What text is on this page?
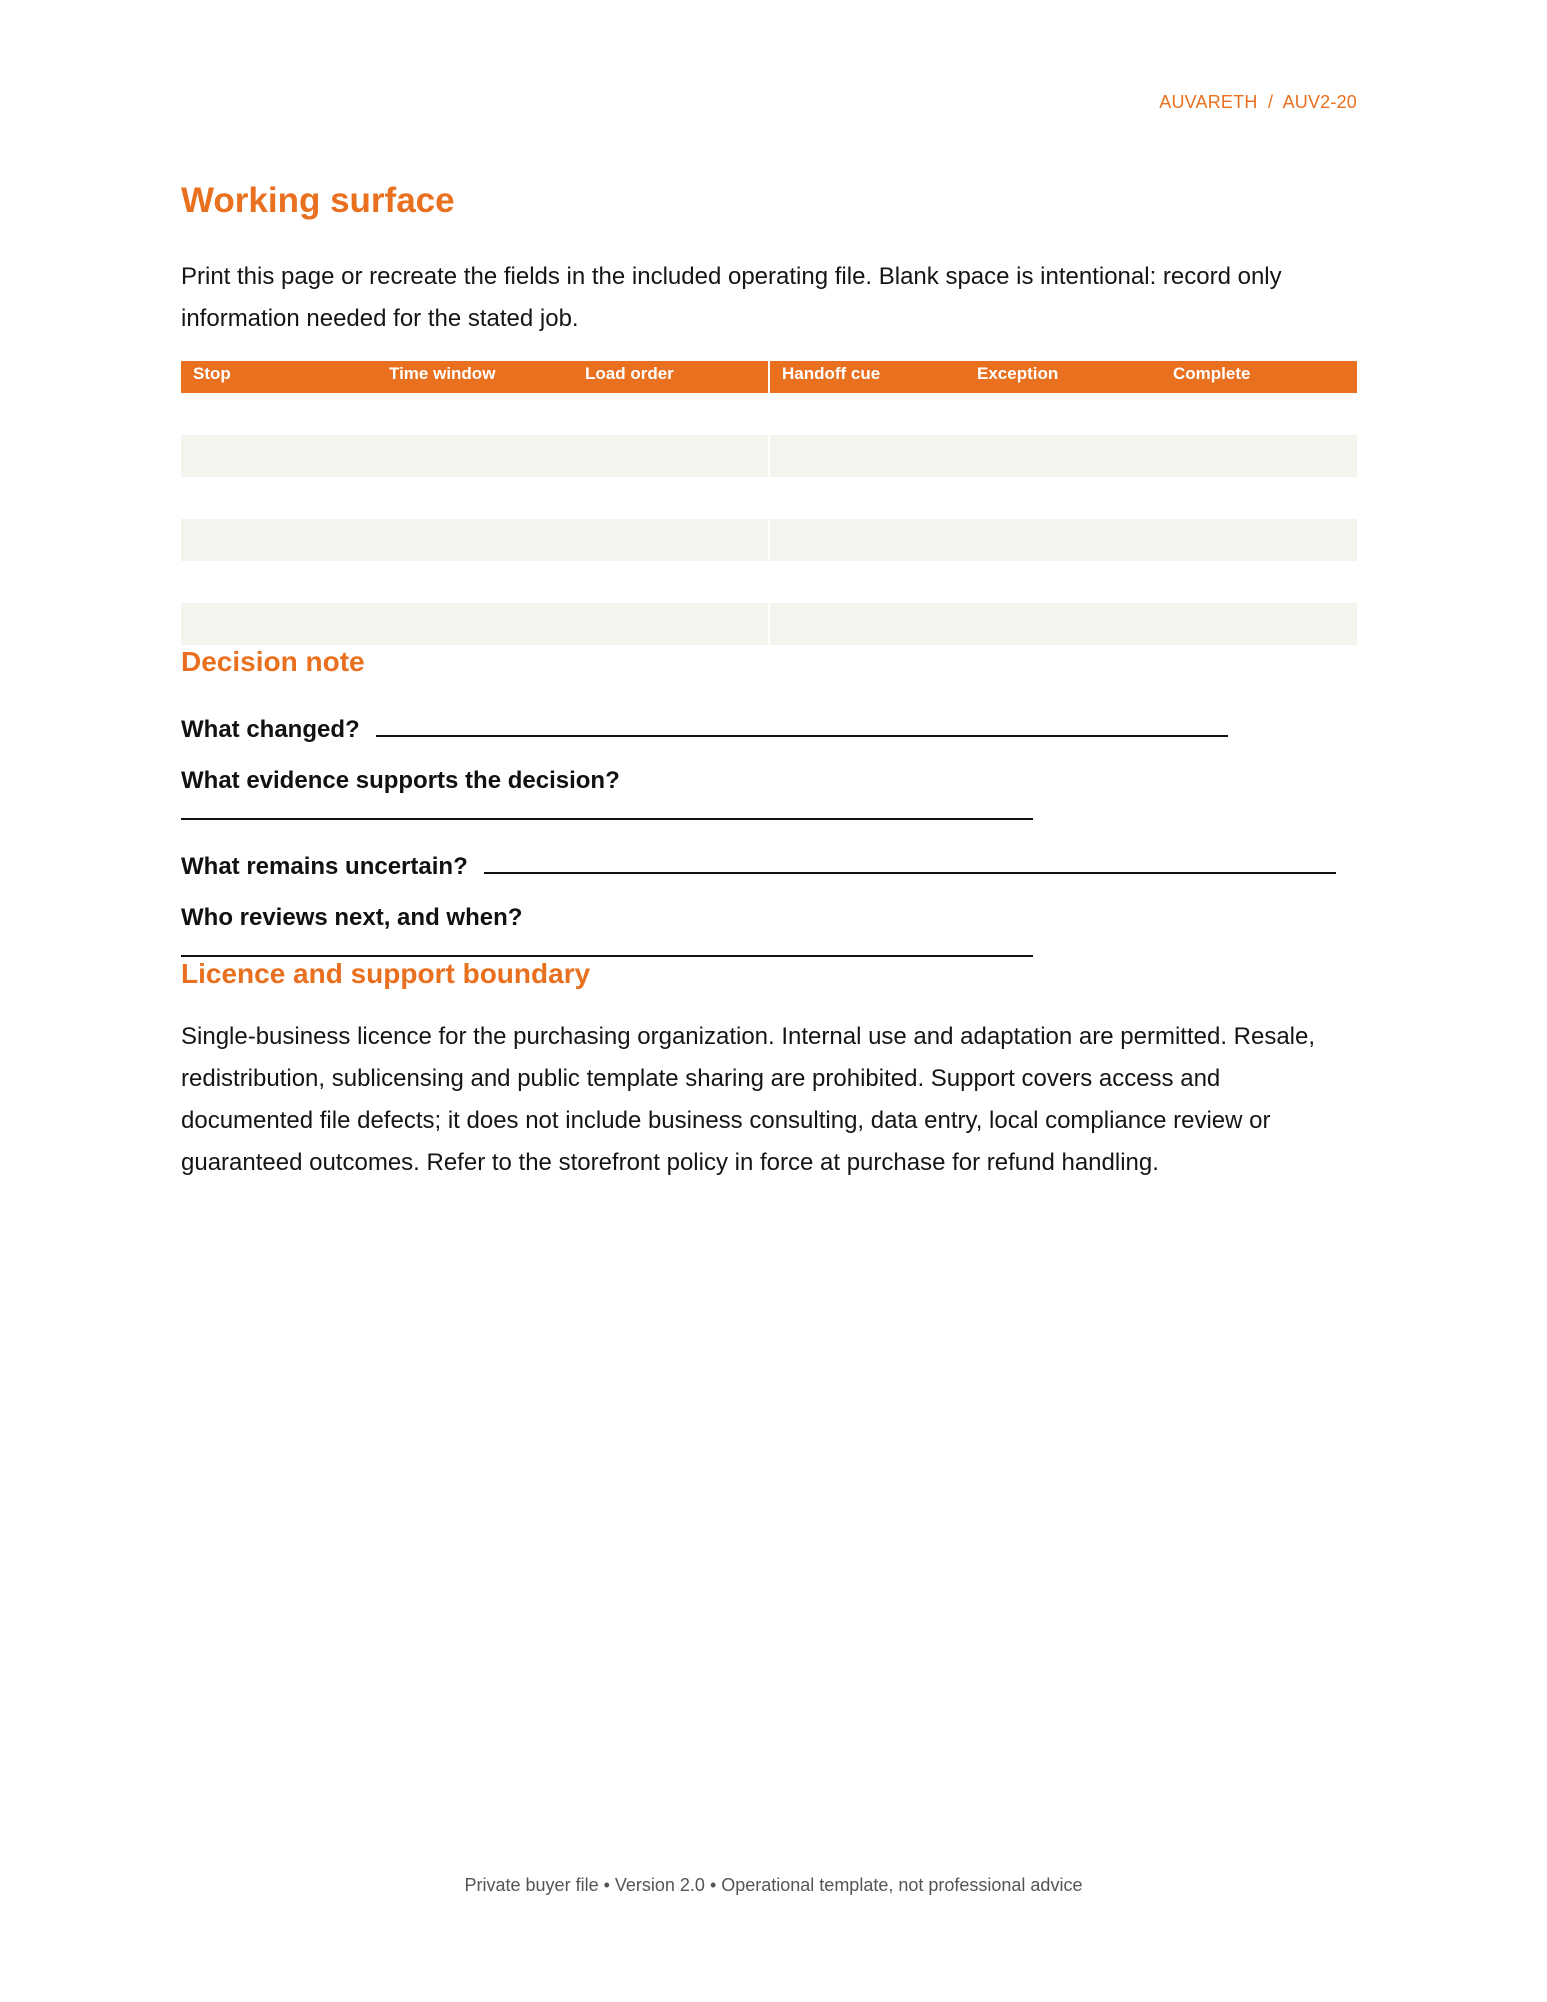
AUVARETH / AUV2-20
Working surface

Print this page or recreate the fields in the included operating file. Blank space is intentional: record only information needed for the stated job.

Stop	Time window	Load order	Handoff cue	Exception	Complete

Decision note
What changed?
What evidence supports the decision?
What remains uncertain?
Who reviews next, and when?
Licence and support boundary

Single-business licence for the purchasing organization. Internal use and adaptation are permitted. Resale, redistribution, sublicensing and public template sharing are prohibited. Support covers access and documented file defects; it does not include business consulting, data entry, local compliance review or guaranteed outcomes. Refer to the storefront policy in force at purchase for refund handling.

Private buyer file • Version 2.0 • Operational template, not professional advice
